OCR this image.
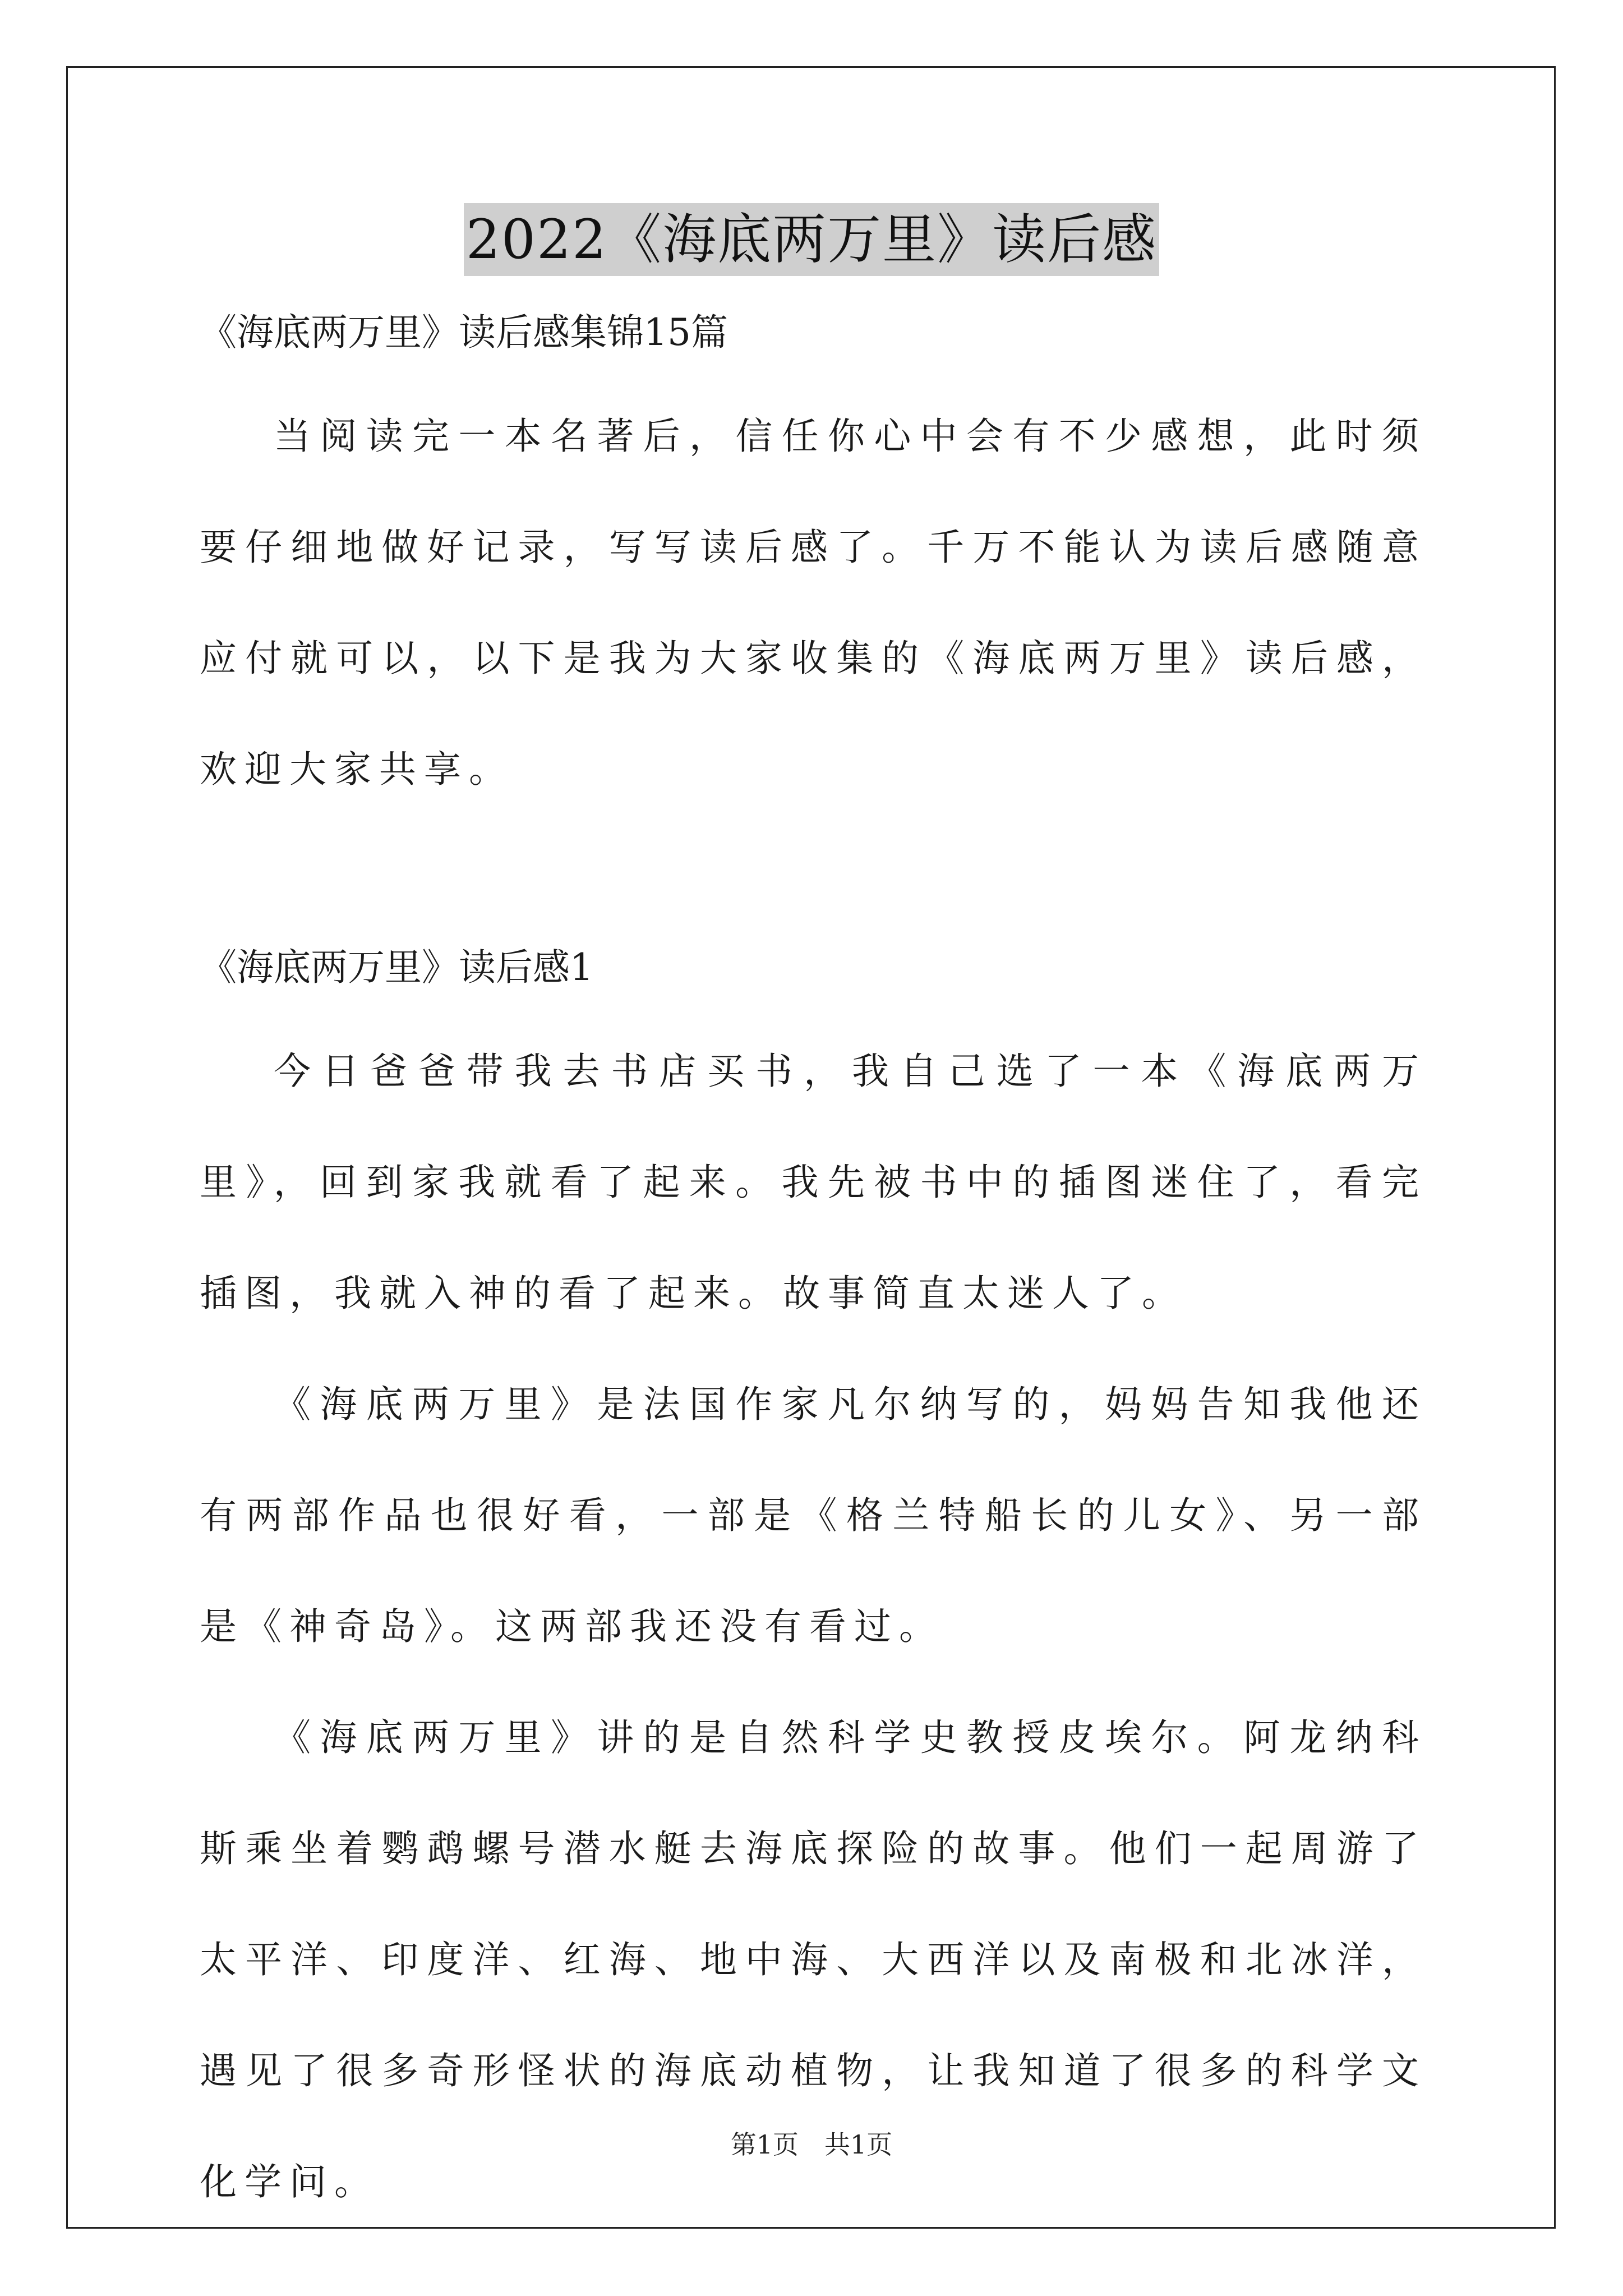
2022《海底两万里》读后感

《海底两万里》读后感集锦15篇

当阅读完一本名著后，信任你心中会有不少感想，此时须要仔细地做好记录，写写读后感了。千万不能认为读后感随意应付就可以，以下是我为大家收集的《海底两万里》读后感，欢迎大家共享。

《海底两万里》读后感1

今日爸爸带我去书店买书，我自己选了一本《海底两万里》，回到家我就看了起来。我先被书中的插图迷住了，看完插图，我就入神的看了起来。故事简直太迷人了。

《海底两万里》是法国作家凡尔纳写的，妈妈告知我他还有两部作品也很好看，一部是《格兰特船长的儿女》、另一部是《神奇岛》。这两部我还没有看过。

《海底两万里》讲的是自然科学史教授皮埃尔。阿龙纳科斯乘坐着鹦鹉螺号潜水艇去海底探险的故事。他们一起周游了太平洋、印度洋、红海、地中海、大西洋以及南极和北冰洋，遇见了很多奇形怪状的海底动植物，让我知道了很多的科学文化学问。

第1页 共1页
